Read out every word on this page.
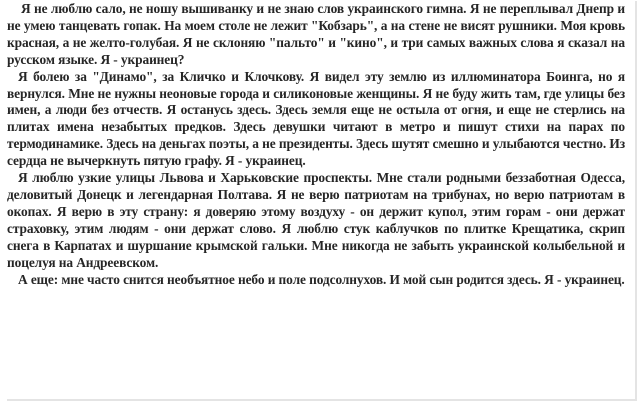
Я не люблю сало, не ношу вышиванку и не знаю слов украинского гимна. Я не переплывал Днепр и не умею танцевать гопак. На моем столе не лежит "Кобзарь", а на стене не висят рушники. Моя кровь красная, а не желто-голубая. Я не склоняю "пальто" и "кино", и три самых важных слова я сказал на русском языке. Я - украинец?

Я болею за "Динамо", за Кличко и Клочкову. Я видел эту землю из иллюминатора Боинга, но я вернулся. Мне не нужны неоновые города и силиконовые женщины. Я не буду жить там, где улицы без имен, а люди без отчеств. Я останусь здесь. Здесь земля еще не остыла от огня, и еще не стерлись на плитах имена незабытых предков. Здесь девушки читают в метро и пишут стихи на парах по термодинамике. Здесь на деньгах поэты, а не президенты. Здесь шутят смешно и улыбаются честно. Из сердца не вычеркнуть пятую графу. Я - украинец.

Я люблю узкие улицы Львова и Харьковские проспекты. Мне стали родными беззаботная Одесса, деловитый Донецк и легендарная Полтава. Я не верю патриотам на трибунах, но верю патриотам в окопах. Я верю в эту страну: я доверяю этому воздуху - он держит купол, этим горам - они держат страховку, этим людям - они держат слово. Я люблю стук каблучков по плитке Крещатика, скрип снега в Карпатах и шуршание крымской гальки. Мне никогда не забыть украинской колыбельной и поцелуя на Андреевском.

А еще: мне часто снится необъятное небо и поле подсолнухов. И мой сын родится здесь. Я - украинец.
